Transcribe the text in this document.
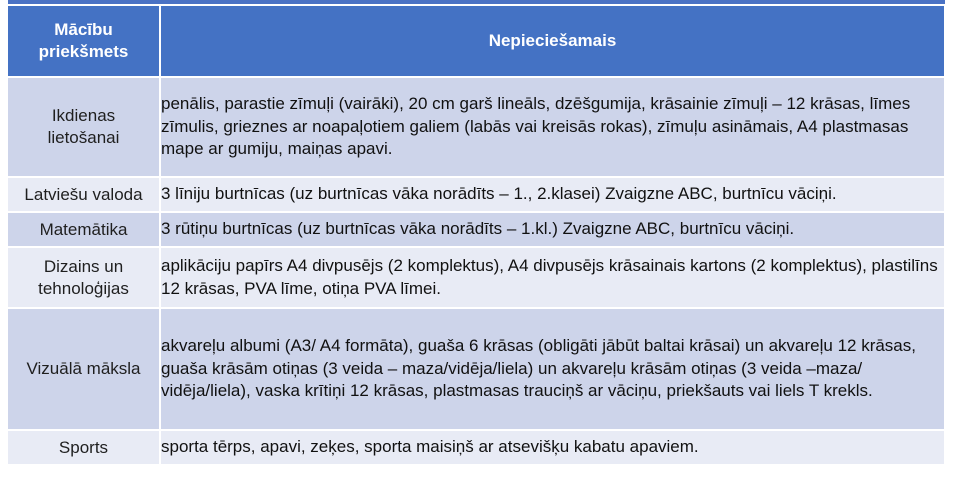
Mācību
priekšmets	Nepieciešamais
Ikdienas
lietošanai	penālis, parastie zīmuļi (vairāki), 20 cm garš lineāls, dzēšgumija, krāsainie zīmuļi – 12 krāsas, līmes zīmulis, grieznes ar noapaļotiem galiem (labās vai kreisās rokas), zīmuļu asināmais, A4 plastmasas mape ar gumiju, maiņas apavi.
Latviešu valoda	3 līniju burtnīcas (uz burtnīcas vāka norādīts – 1., 2.klasei) Zvaigzne ABC, burtnīcu vāciņi.
Matemātika	3 rūtiņu burtnīcas (uz burtnīcas vāka norādīts – 1.kl.) Zvaigzne ABC, burtnīcu vāciņi.
Dizains un
tehnoloģijas	aplikāciju papīrs A4 divpusējs (2 komplektus), A4 divpusējs krāsainais kartons (2 komplektus), plastilīns 12 krāsas, PVA līme, otiņa PVA līmei.
Vizuālā māksla	akvareļu albumi (A3/ A4 formāta), guaša 6 krāsas (obligāti jābūt baltai krāsai) un akvareļu 12 krāsas, guaša krāsām otiņas (3 veida – maza/vidēja/liela) un akvareļu krāsām otiņas (3 veida –maza/ vidēja/liela), vaska krītiņi 12 krāsas, plastmasas trauciņš ar vāciņu, priekšauts vai liels T krekls.
Sports	sporta tērps, apavi, zeķes, sporta maisiņš ar atsevišķu kabatu apaviem.
